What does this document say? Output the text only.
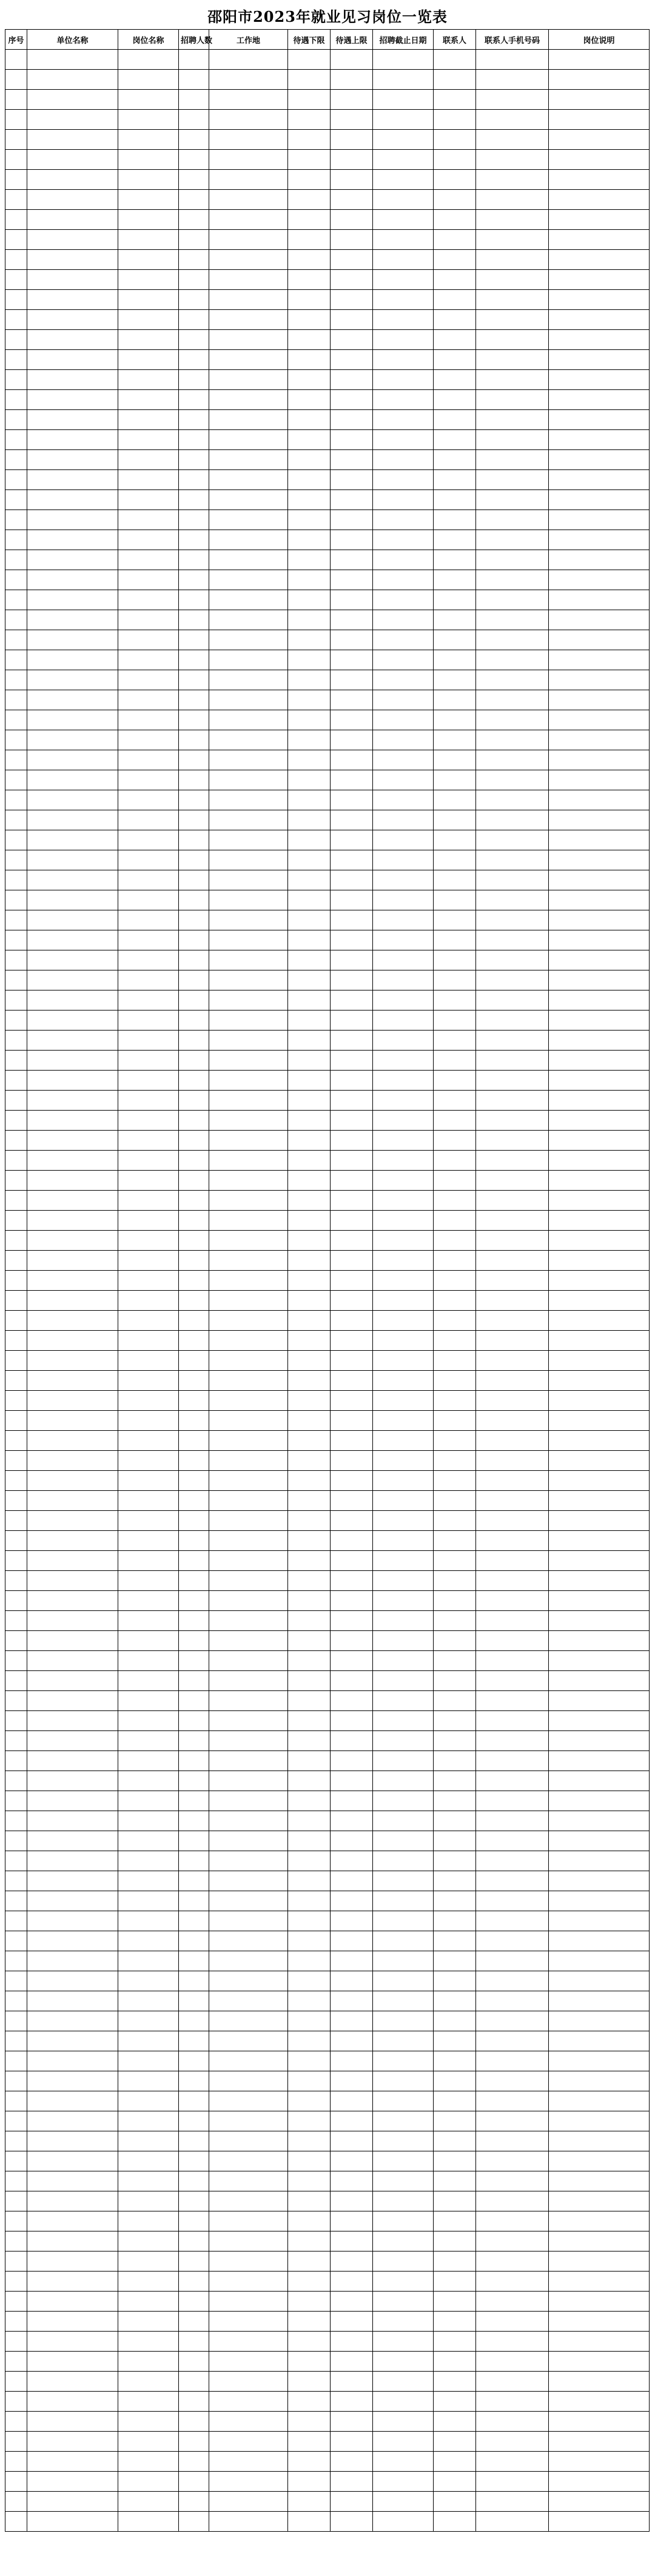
邵阳市2023年就业见习岗位一览表
序号	单位名称	岗位名称	招聘人数	工作地	待遇下限	待遇上限	招聘截止日期	联系人	联系人手机号码	岗位说明
